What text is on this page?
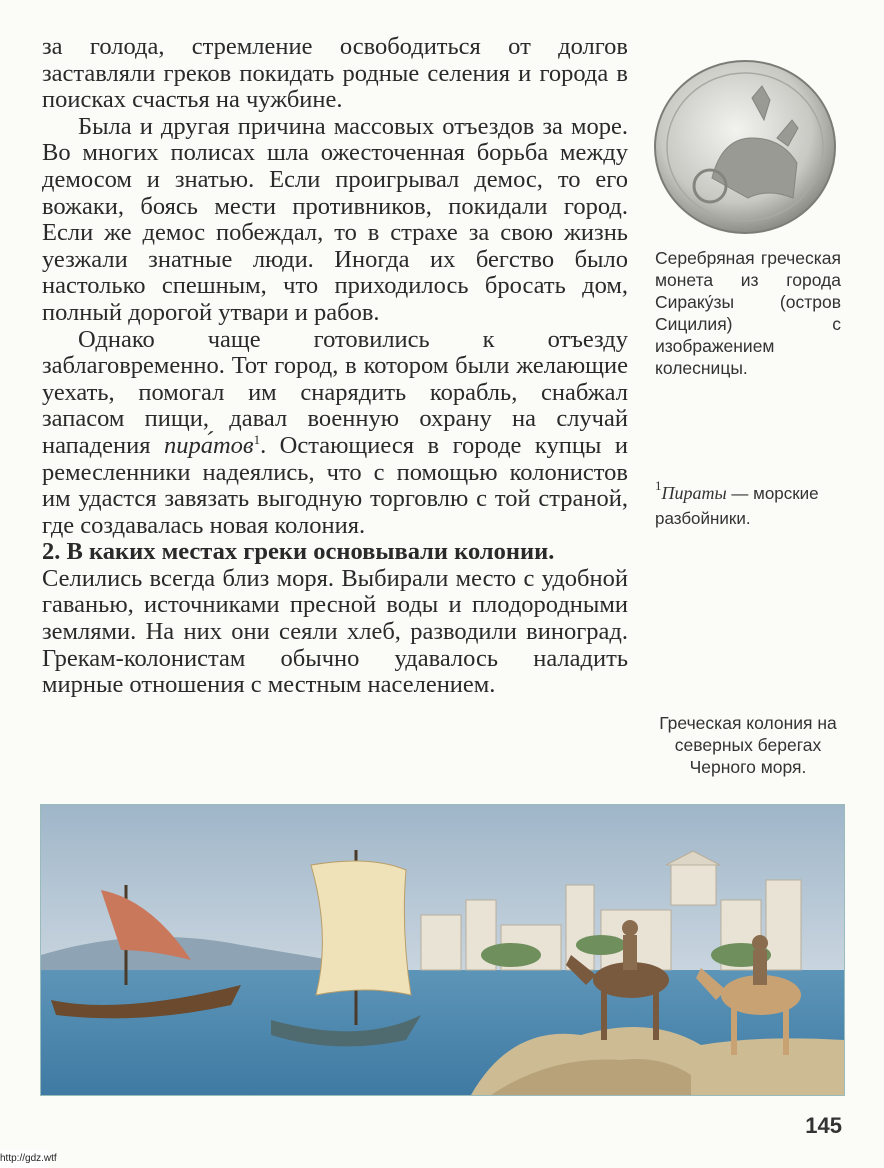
за голода, стремление освободиться от долгов заставляли греков покидать родные селения и города в поисках счастья на чужбине.

Была и другая причина массовых отъездов за море. Во многих полисах шла ожесточенная борьба между демосом и знатью. Если проигрывал демос, то его вожаки, боясь мести противников, покидали город. Если же демос побеждал, то в страхе за свою жизнь уезжали знатные люди. Иногда их бегство было настолько спешным, что приходилось бросать дом, полный дорогой утвари и рабов.

Однако чаще готовились к отъезду заблаговременно. Тот город, в котором были желающие уехать, помогал им снарядить корабль, снабжал запасом пищи, давал военную охрану на случай нападения пира́тов$^1$. Остающиеся в городе купцы и ремесленники надеялись, что с помощью колонистов им удастся завязать выгодную торговлю с той страной, где создавалась новая колония.

2. В каких местах греки основывали колонии.

Селились всегда близ моря. Выбирали место с удобной гаванью, источниками пресной воды и плодородными землями. На них они сеяли хлеб, разводили виноград. Грекам-колонистам обычно удавалось наладить мирные отношения с местным населением.

Серебряная греческая монета из города Сираку́зы (остров Сицилия) с изображением колесницы.
$^1$Пираты — морские разбойники.
Греческая колония на северных берегах Черного моря.
145
http://gdz.wtf
